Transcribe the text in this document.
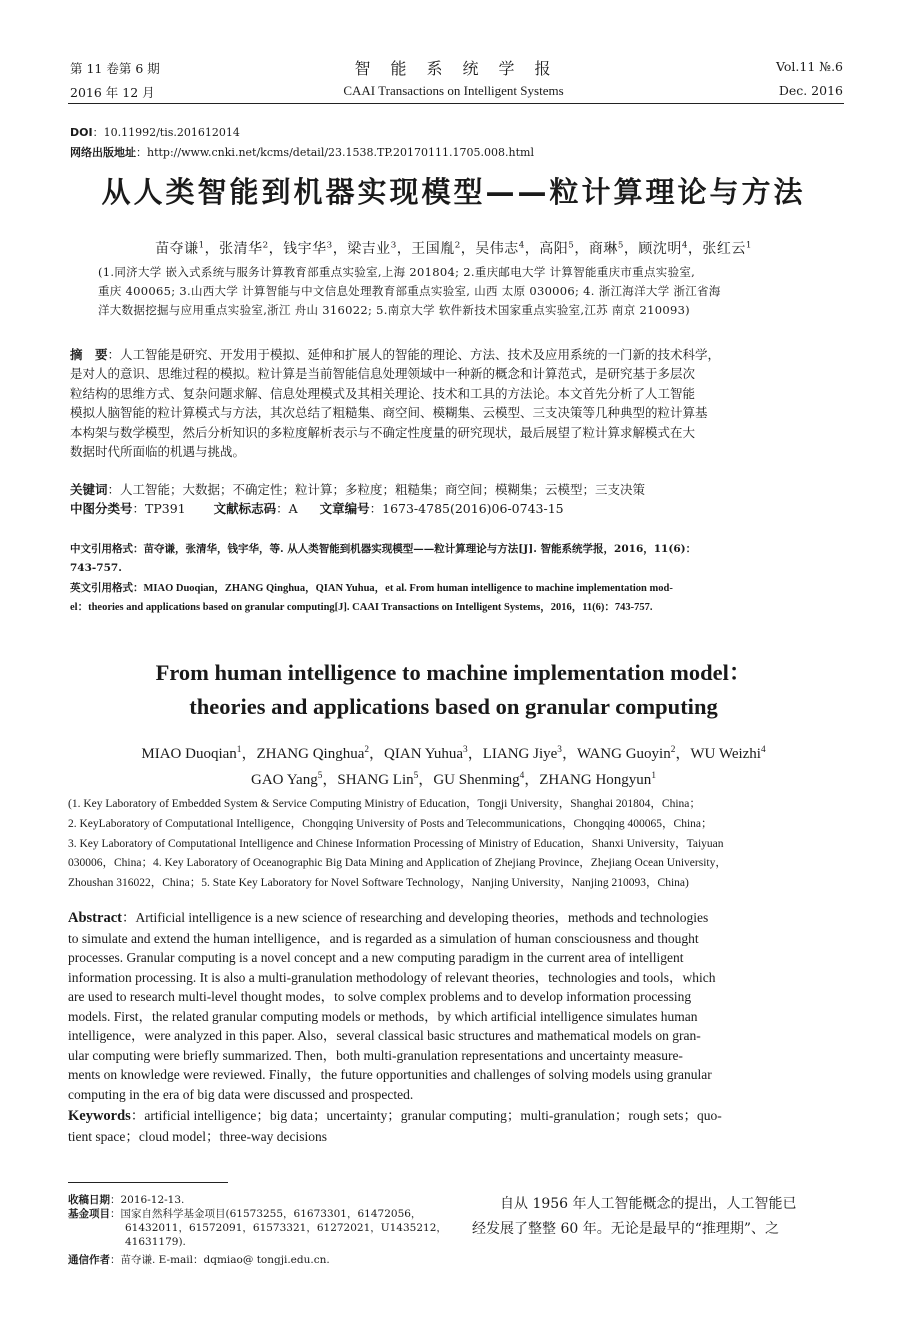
第 11 卷第 6 期	智　能　系　统　学　报	Vol.11 №.6
2016 年 12 月	CAAI Transactions on Intelligent Systems	Dec. 2016
DOI：10.11992/tis.201612014
网络出版地址：http://www.cnki.net/kcms/detail/23.1538.TP.20170111.1705.008.html
从人类智能到机器实现模型——粒计算理论与方法
苗夺谦$^1$，张清华$^2$，钱宇华$^3$，梁吉业$^3$，王国胤$^2$，吴伟志$^4$，高阳$^5$，商琳$^5$，顾沈明$^4$，张红云$^1$
(1.同济大学 嵌入式系统与服务计算教育部重点实验室,上海 201804; 2.重庆邮电大学 计算智能重庆市重点实验室,
重庆 400065; 3.山西大学 计算智能与中文信息处理教育部重点实验室, 山西 太原 030006; 4. 浙江海洋大学 浙江省海
洋大数据挖掘与应用重点实验室,浙江 舟山 316022; 5.南京大学 软件新技术国家重点实验室,江苏 南京 210093)
摘　要：人工智能是研究、开发用于模拟、延伸和扩展人的智能的理论、方法、技术及应用系统的一门新的技术科学，
是对人的意识、思维过程的模拟。粒计算是当前智能信息处理领域中一种新的概念和计算范式，是研究基于多层次
粒结构的思维方式、复杂问题求解、信息处理模式及其相关理论、技术和工具的方法论。本文首先分析了人工智能
模拟人脑智能的粒计算模式与方法，其次总结了粗糙集、商空间、模糊集、云模型、三支决策等几种典型的粒计算基
本构架与数学模型，然后分析知识的多粒度解析表示与不确定性度量的研究现状，最后展望了粒计算求解模式在大
数据时代所面临的机遇与挑战。
关键词：人工智能；大数据；不确定性；粒计算；多粒度；粗糙集；商空间；模糊集；云模型；三支决策
中图分类号：TP391 文献标志码：A 文章编号：1673-4785(2016)06-0743-15
中文引用格式：苗夺谦，张清华，钱宇华，等. 从人类智能到机器实现模型——粒计算理论与方法[J]. 智能系统学报，2016，11(6)：
743-757.
英文引用格式：MIAO Duoqian，ZHANG Qinghua，QIAN Yuhua，et al. From human intelligence to machine implementation mod-
el：theories and applications based on granular computing[J]. CAAI Transactions on Intelligent Systems，2016，11(6)：743-757.
From human intelligence to machine implementation model：
theories and applications based on granular computing
MIAO Duoqian$^1$，ZHANG Qinghua$^2$，QIAN Yuhua$^3$，LIANG Jiye$^3$，WANG Guoyin$^2$，WU Weizhi$^4$
GAO Yang$^5$，SHANG Lin$^5$，GU Shenming$^4$，ZHANG Hongyun$^1$
(1. Key Laboratory of Embedded System & Service Computing Ministry of Education，Tongji University，Shanghai 201804，China；
2. KeyLaboratory of Computational Intelligence，Chongqing University of Posts and Telecommunications，Chongqing 400065，China；
3. Key Laboratory of Computational Intelligence and Chinese Information Processing of Ministry of Education，Shanxi University，Taiyuan
030006，China；4. Key Laboratory of Oceanographic Big Data Mining and Application of Zhejiang Province，Zhejiang Ocean University，
Zhoushan 316022，China；5. State Key Laboratory for Novel Software Technology，Nanjing University，Nanjing 210093，China)
Abstract：Artificial intelligence is a new science of researching and developing theories，methods and technologies
to simulate and extend the human intelligence，and is regarded as a simulation of human consciousness and thought
processes. Granular computing is a novel concept and a new computing paradigm in the current area of intelligent
information processing. It is also a multi-granulation methodology of relevant theories，technologies and tools，which
are used to research multi-level thought modes，to solve complex problems and to develop information processing
models. First，the related granular computing models or methods，by which artificial intelligence simulates human
intelligence，were analyzed in this paper. Also，several classical basic structures and mathematical models on gran-
ular computing were briefly summarized. Then，both multi-granulation representations and uncertainty measure-
ments on knowledge were reviewed. Finally，the future opportunities and challenges of solving models using granular
computing in the era of big data were discussed and prospected.
Keywords：artificial intelligence；big data；uncertainty；granular computing；multi-granulation；rough sets；quo-
tient space；cloud model；three-way decisions
收稿日期：2016-12-13.
基金项目：国家自然科学基金项目(61573255，61673301，61472056，
61432011，61572091，61573321，61272021，U1435212，
41631179).
通信作者：苗夺谦. E-mail：dqmiao@ tongji.edu.cn.
自从 1956 年人工智能概念的提出，人工智能已
经发展了整整 60 年。无论是最早的“推理期”、之
